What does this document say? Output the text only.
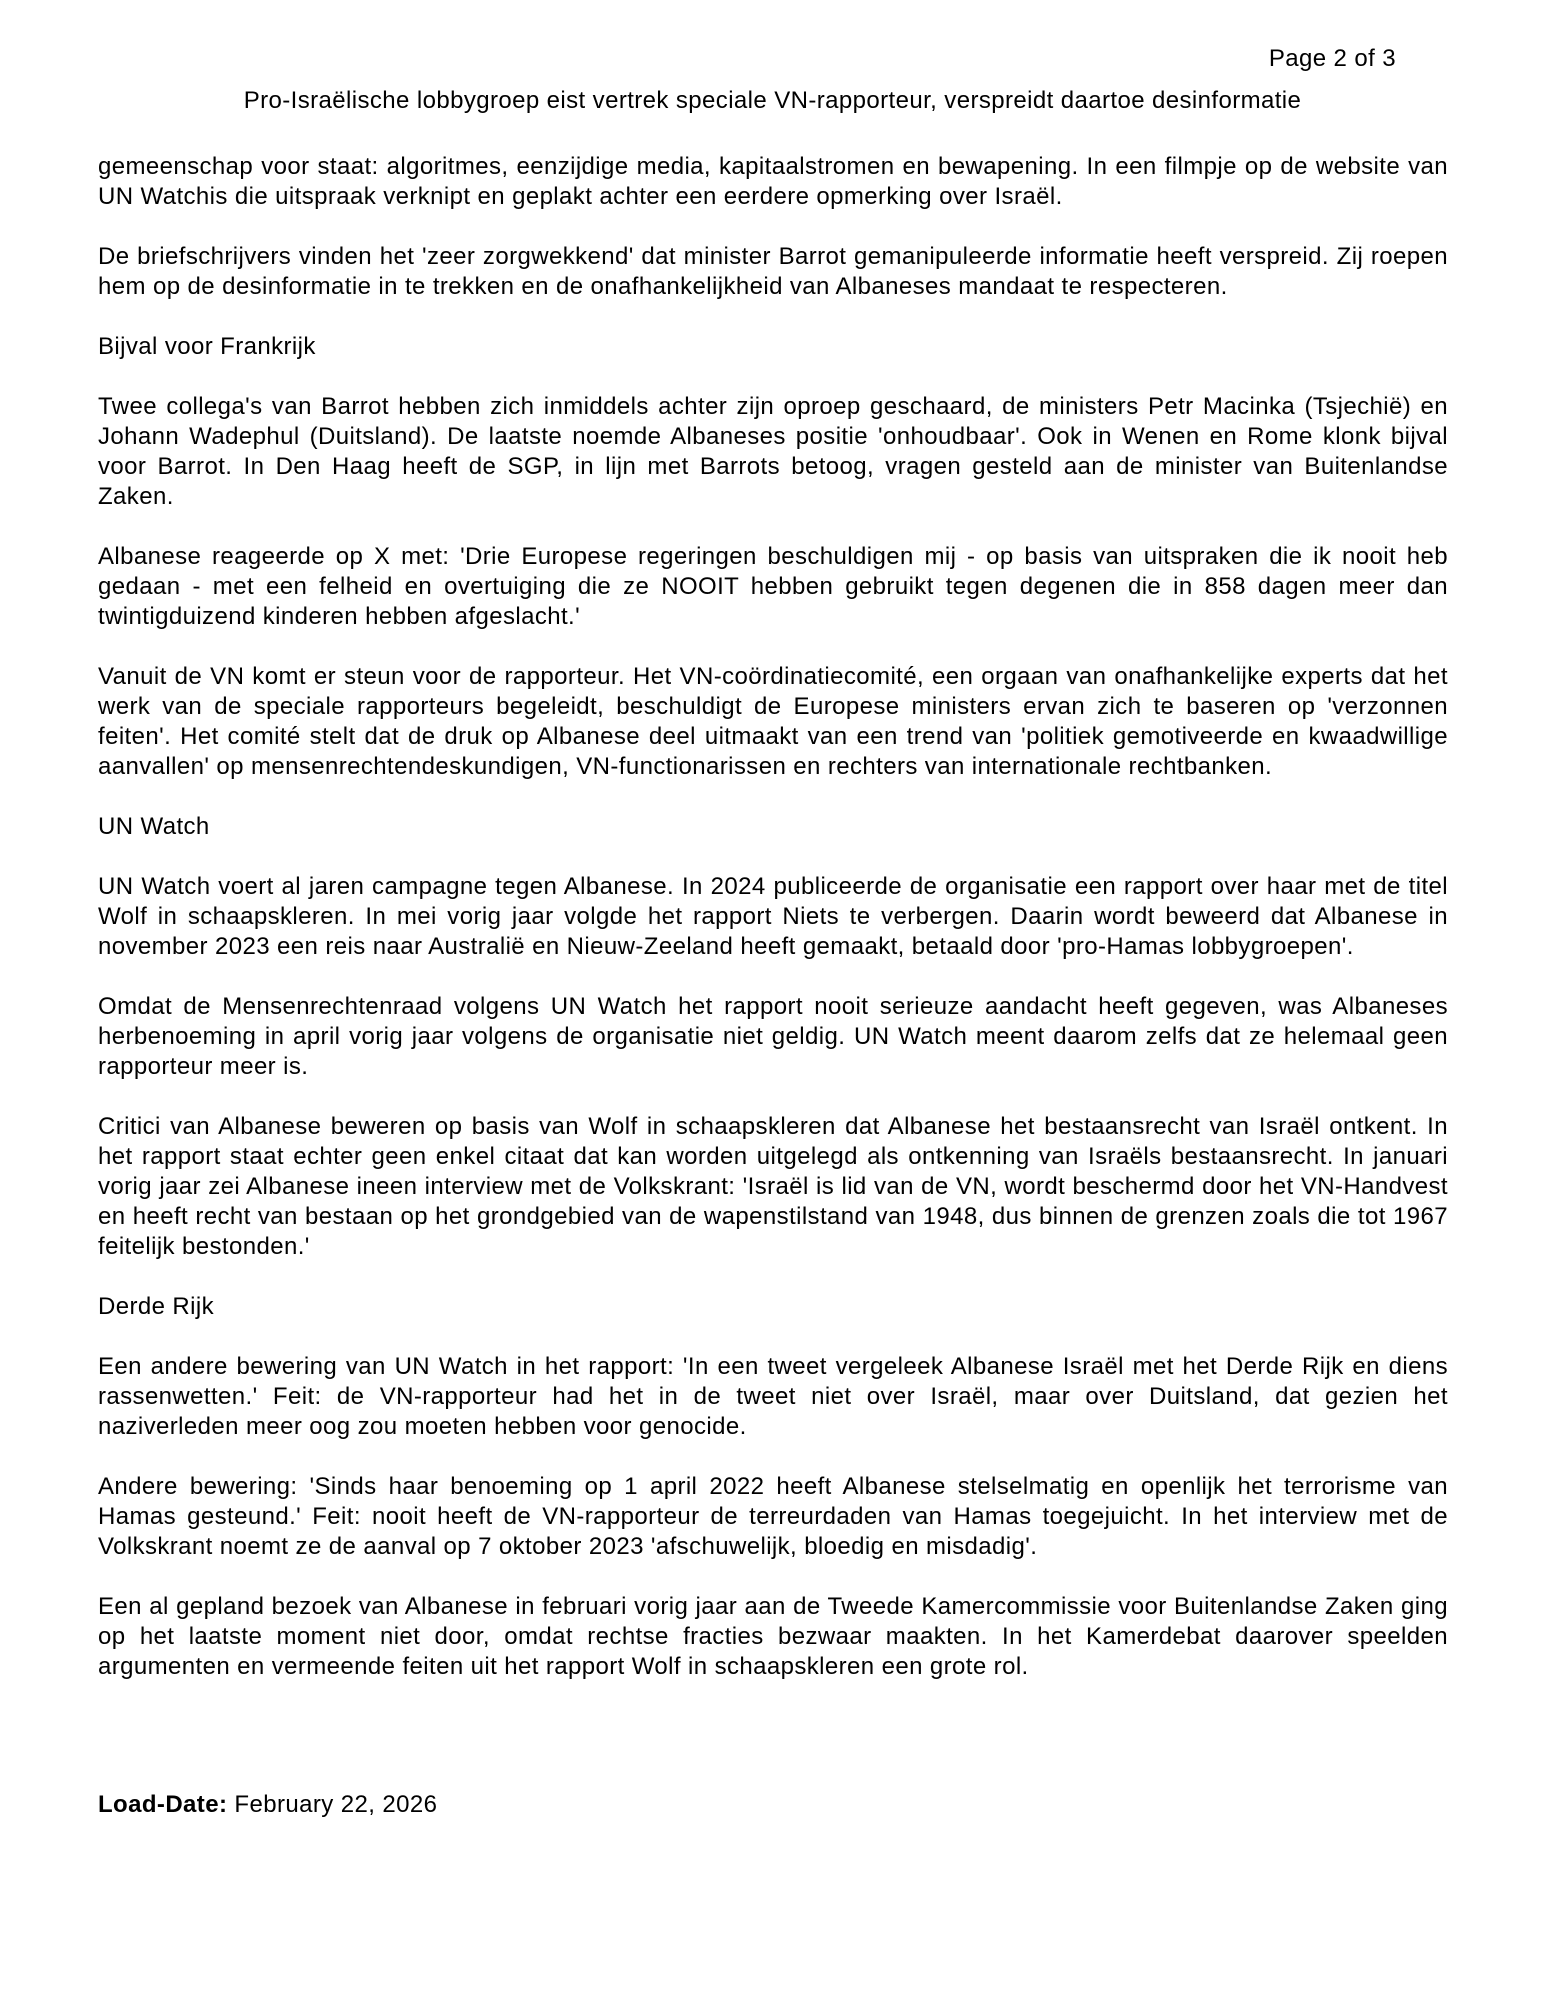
Page 2 of 3
Pro-Israëlische lobbygroep eist vertrek speciale VN-rapporteur, verspreidt daartoe desinformatie

gemeenschap voor staat: algoritmes, eenzijdige media, kapitaalstromen en bewapening. In een filmpje op de website van UN Watchis die uitspraak verknipt en geplakt achter een eerdere opmerking over Israël.

De briefschrijvers vinden het 'zeer zorgwekkend' dat minister Barrot gemanipuleerde informatie heeft verspreid. Zij roepen hem op de desinformatie in te trekken en de onafhankelijkheid van Albaneses mandaat te respecteren.

Bijval voor Frankrijk

Twee collega's van Barrot hebben zich inmiddels achter zijn oproep geschaard, de ministers Petr Macinka (Tsjechië) en Johann Wadephul (Duitsland). De laatste noemde Albaneses positie 'onhoudbaar'. Ook in Wenen en Rome klonk bijval voor Barrot. In Den Haag heeft de SGP, in lijn met Barrots betoog, vragen gesteld aan de minister van Buitenlandse Zaken.

Albanese reageerde op X met: 'Drie Europese regeringen beschuldigen mij - op basis van uitspraken die ik nooit heb gedaan - met een felheid en overtuiging die ze NOOIT hebben gebruikt tegen degenen die in 858 dagen meer dan twintigduizend kinderen hebben afgeslacht.'

Vanuit de VN komt er steun voor de rapporteur. Het VN-coördinatiecomité, een orgaan van onafhankelijke experts dat het werk van de speciale rapporteurs begeleidt, beschuldigt de Europese ministers ervan zich te baseren op 'verzonnen feiten'. Het comité stelt dat de druk op Albanese deel uitmaakt van een trend van 'politiek gemotiveerde en kwaadwillige aanvallen' op mensenrechtendeskundigen, VN-functionarissen en rechters van internationale rechtbanken.

UN Watch

UN Watch voert al jaren campagne tegen Albanese. In 2024 publiceerde de organisatie een rapport over haar met de titel Wolf in schaapskleren. In mei vorig jaar volgde het rapport Niets te verbergen. Daarin wordt beweerd dat Albanese in november 2023 een reis naar Australië en Nieuw-Zeeland heeft gemaakt, betaald door 'pro-Hamas lobbygroepen'.

Omdat de Mensenrechtenraad volgens UN Watch het rapport nooit serieuze aandacht heeft gegeven, was Albaneses herbenoeming in april vorig jaar volgens de organisatie niet geldig. UN Watch meent daarom zelfs dat ze helemaal geen rapporteur meer is.

Critici van Albanese beweren op basis van Wolf in schaapskleren dat Albanese het bestaansrecht van Israël ontkent. In het rapport staat echter geen enkel citaat dat kan worden uitgelegd als ontkenning van Israëls bestaansrecht. In januari vorig jaar zei Albanese ineen interview met de Volkskrant: 'Israël is lid van de VN, wordt beschermd door het VN-Handvest en heeft recht van bestaan op het grondgebied van de wapenstilstand van 1948, dus binnen de grenzen zoals die tot 1967 feitelijk bestonden.'

Derde Rijk

Een andere bewering van UN Watch in het rapport: 'In een tweet vergeleek Albanese Israël met het Derde Rijk en diens rassenwetten.' Feit: de VN-rapporteur had het in de tweet niet over Israël, maar over Duitsland, dat gezien het naziverleden meer oog zou moeten hebben voor genocide.

Andere bewering: 'Sinds haar benoeming op 1 april 2022 heeft Albanese stelselmatig en openlijk het terrorisme van Hamas gesteund.' Feit: nooit heeft de VN-rapporteur de terreurdaden van Hamas toegejuicht. In het interview met de Volkskrant noemt ze de aanval op 7 oktober 2023 'afschuwelijk, bloedig en misdadig'.

Een al gepland bezoek van Albanese in februari vorig jaar aan de Tweede Kamercommissie voor Buitenlandse Zaken ging op het laatste moment niet door, omdat rechtse fracties bezwaar maakten. In het Kamerdebat daarover speelden argumenten en vermeende feiten uit het rapport Wolf in schaapskleren een grote rol.

Load-Date: February 22, 2026
